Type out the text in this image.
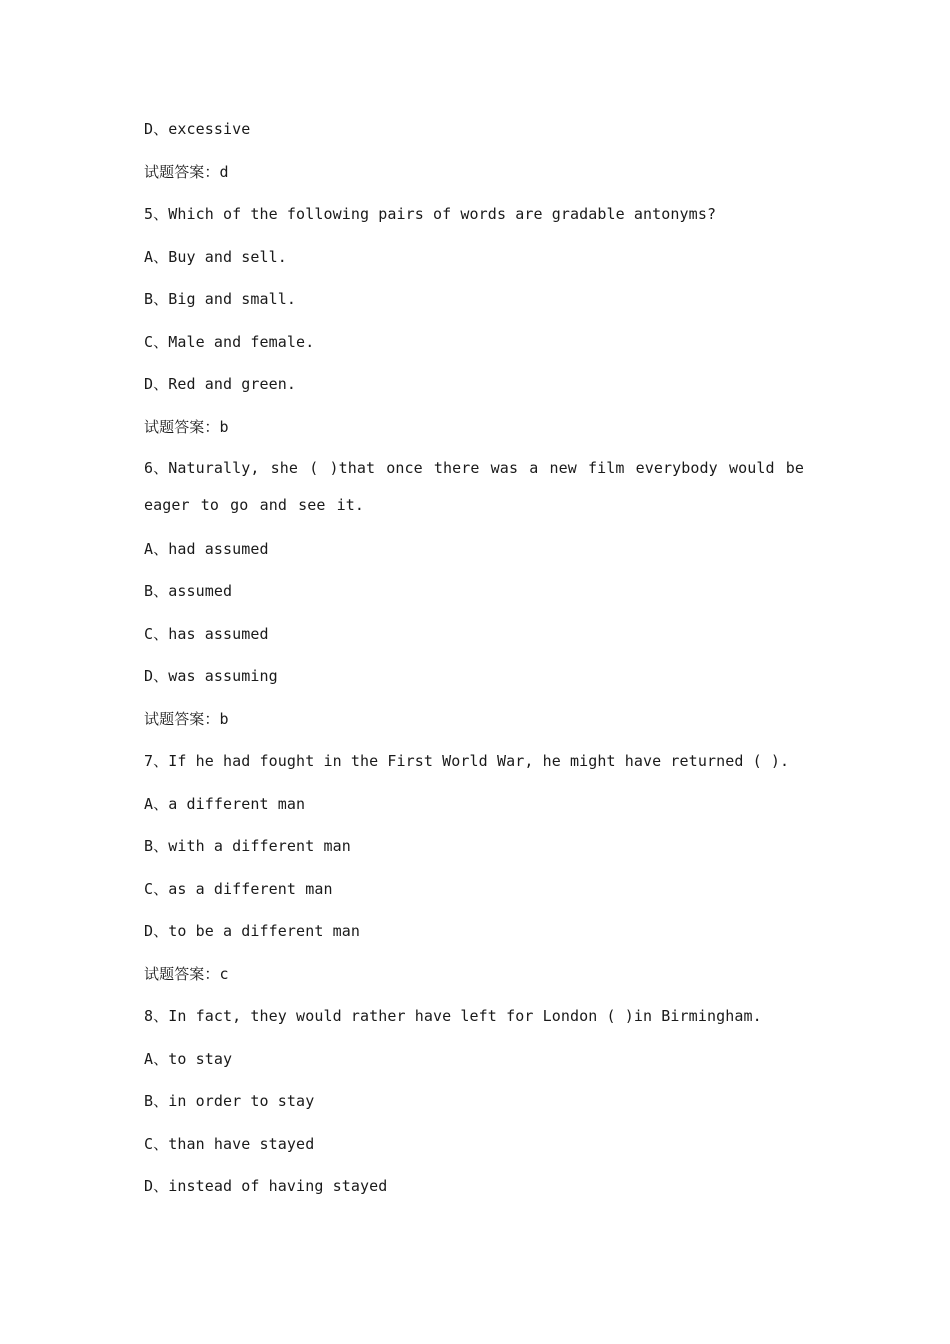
D、excessive
试题答案：d
5、Which of the following pairs of words are gradable antonyms?
A、Buy and sell.
B、Big and small.
C、Male and female.
D、Red and green.
试题答案：b
6、Naturally, she ( )that once there was a new film everybody would be eager to go and see it.
A、had assumed
B、assumed
C、has assumed
D、was assuming
试题答案：b
7、If he had fought in the First World War, he might have returned ( ).
A、a different man
B、with a different man
C、as a different man
D、to be a different man
试题答案：c
8、In fact, they would rather have left for London ( )in Birmingham.
A、to stay
B、in order to stay
C、than have stayed
D、instead of having stayed
